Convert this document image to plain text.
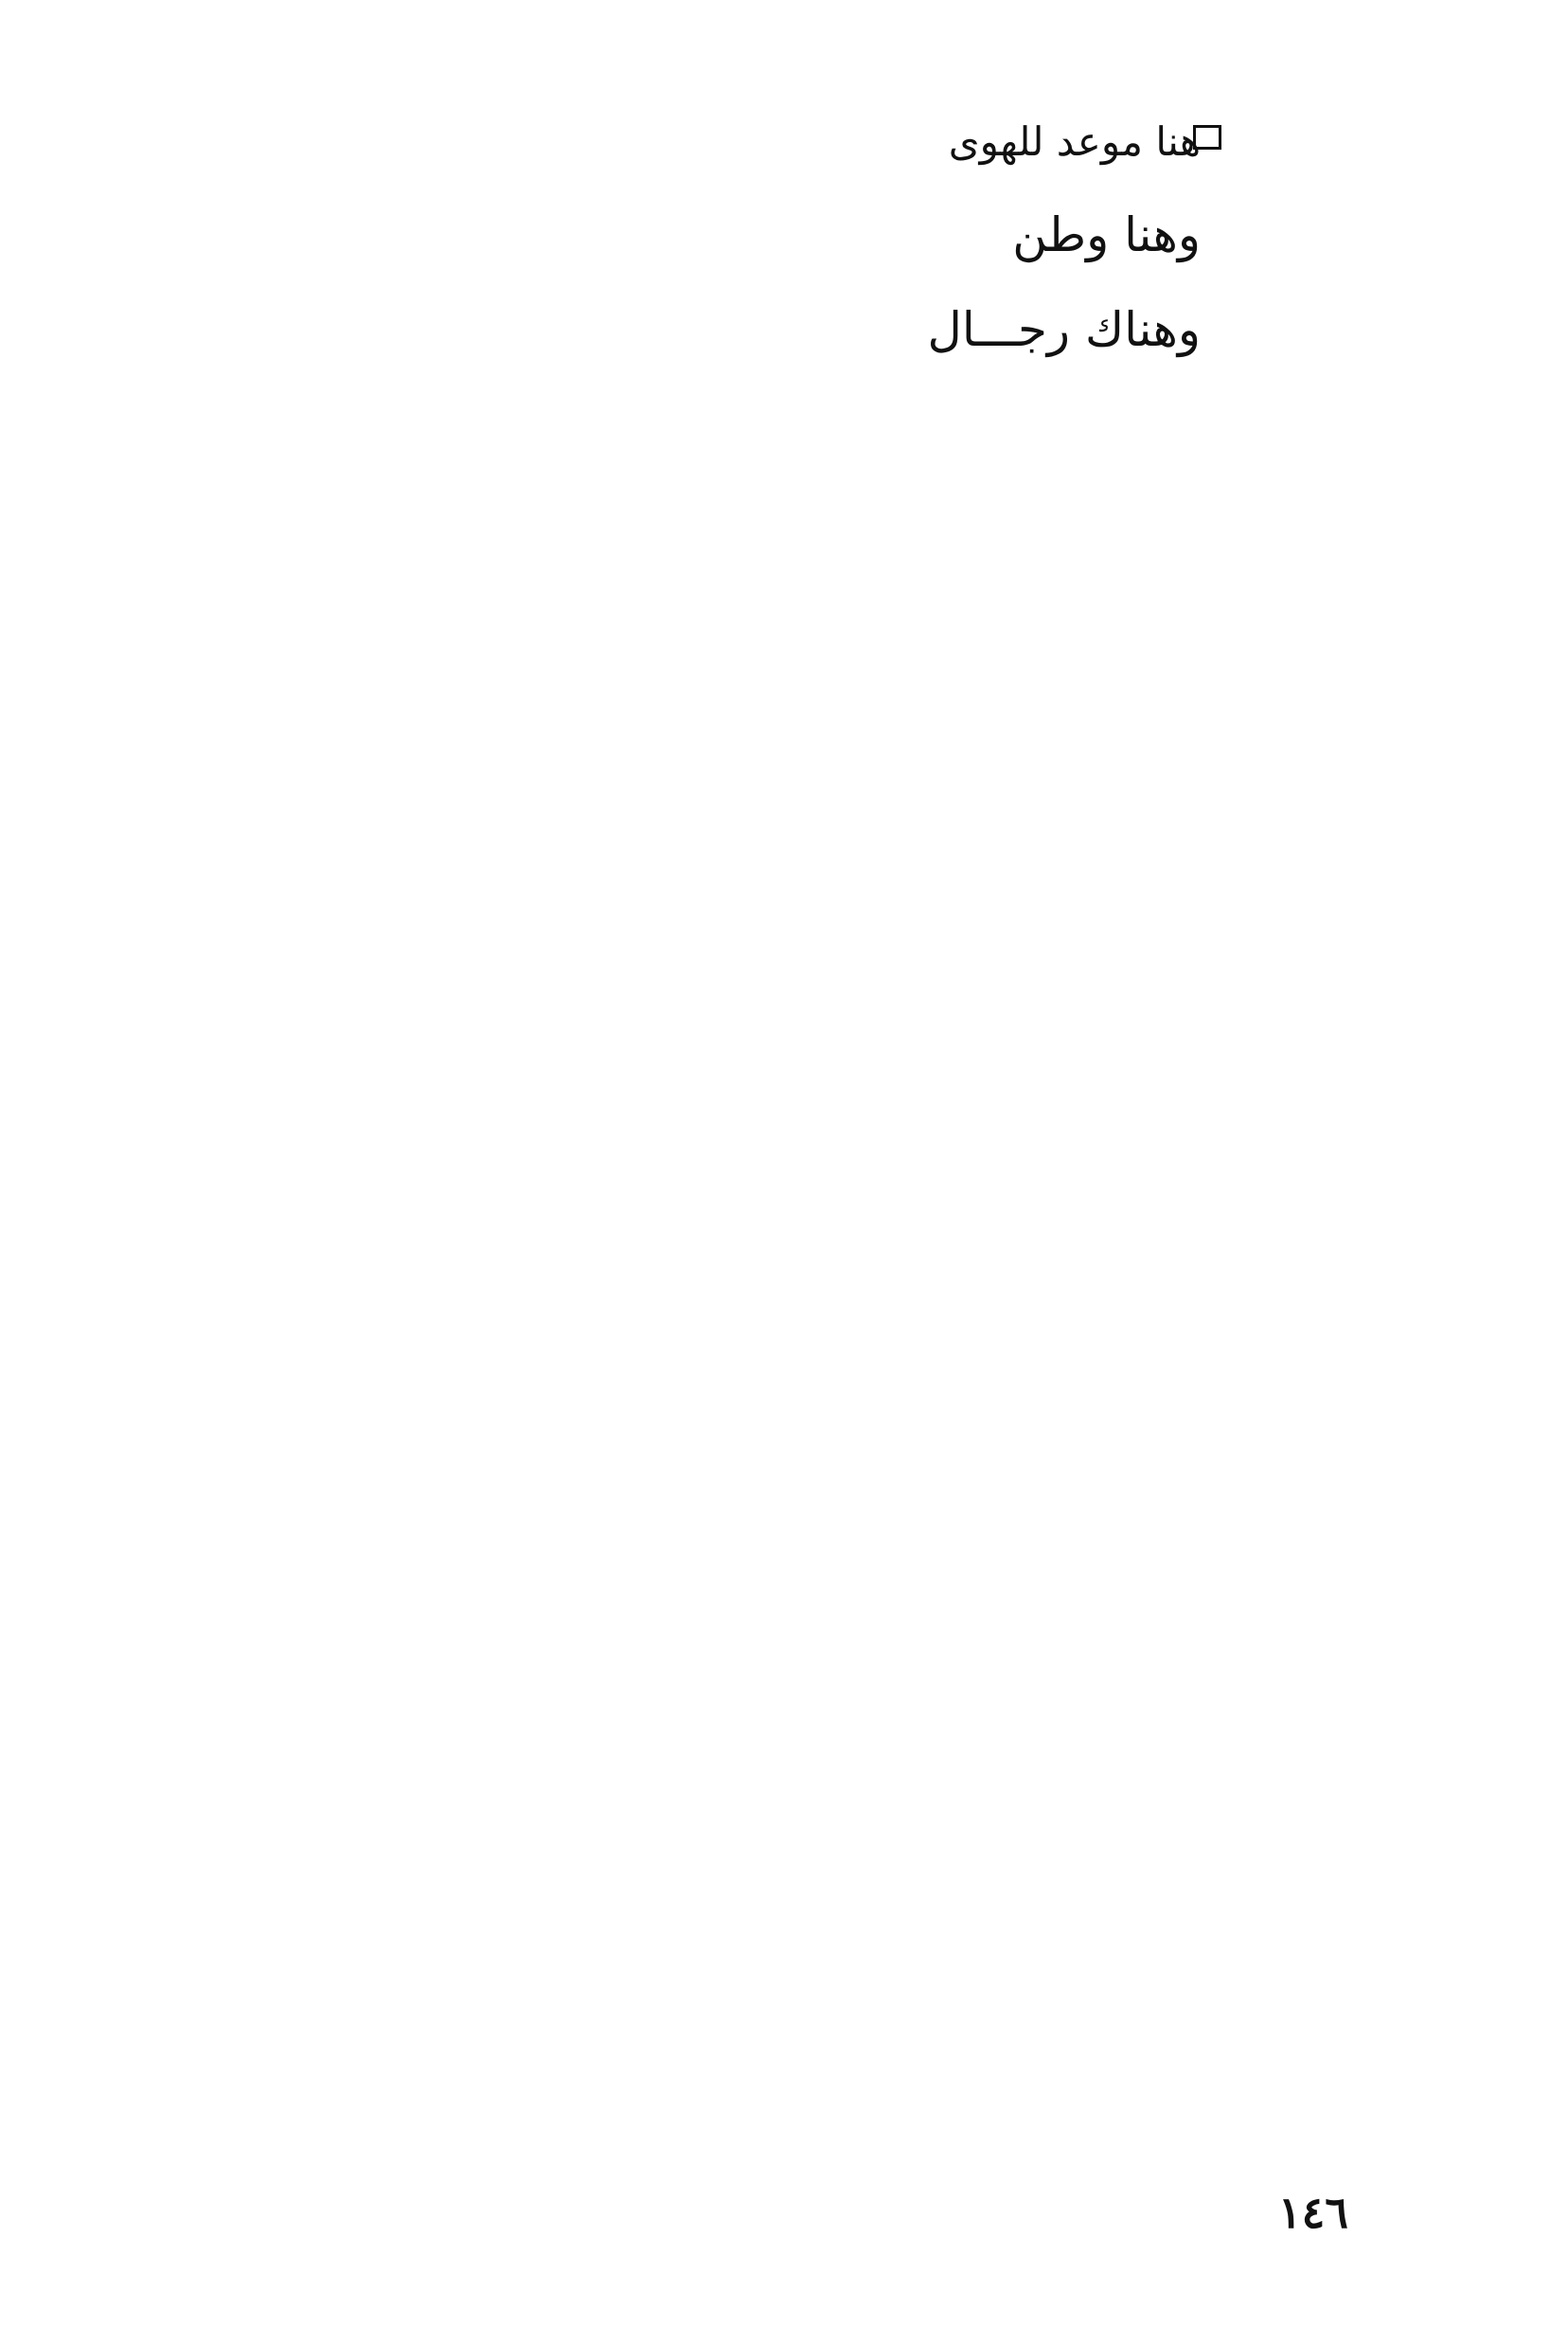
هنا موعد للهوى
وهنا وطن
وهناك رجـــال
١٤٦
